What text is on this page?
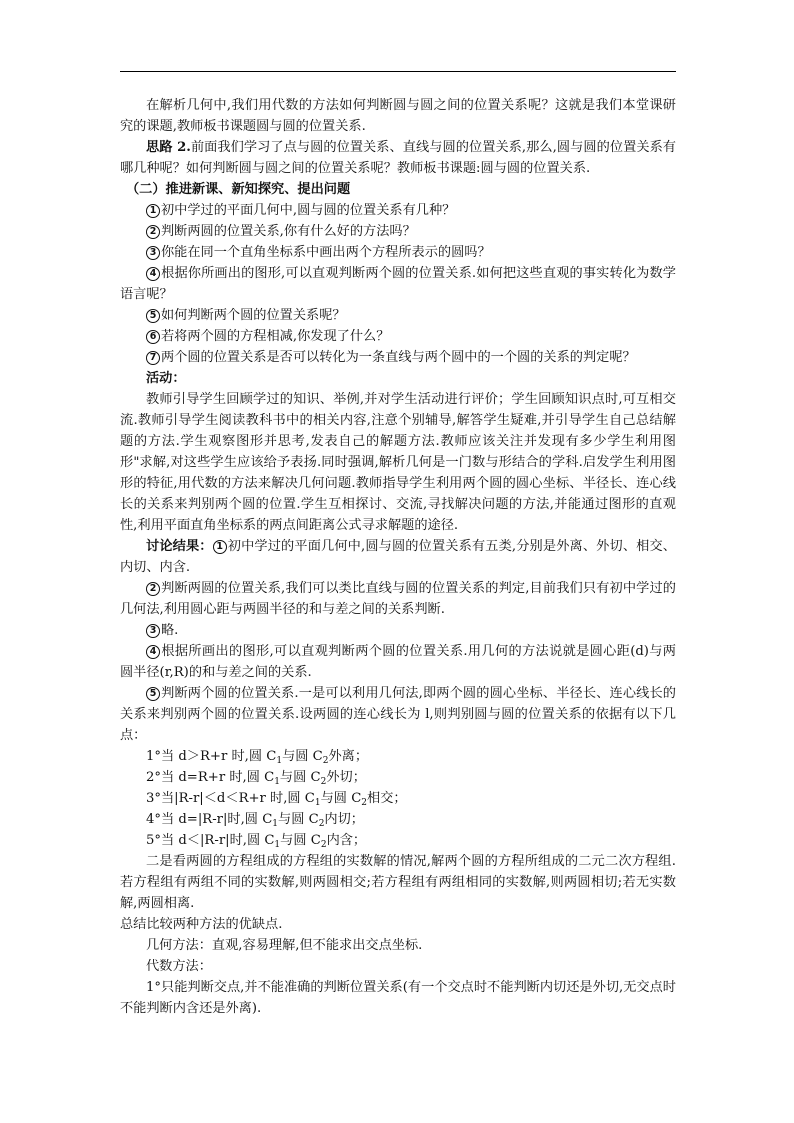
在解析几何中,我们用代数的方法如何判断圆与圆之间的位置关系呢？这就是我们本堂课研究的课题,教师板书课题圆与圆的位置关系.

思路 2.前面我们学习了点与圆的位置关系、直线与圆的位置关系,那么,圆与圆的位置关系有哪几种呢？如何判断圆与圆之间的位置关系呢？教师板书课题:圆与圆的位置关系.

（二）推进新课、新知探究、提出问题

1 初中学过的平面几何中,圆与圆的位置关系有几种？

2 判断两圆的位置关系,你有什么好的方法吗？

3 你能在同一个直角坐标系中画出两个方程所表示的圆吗？

4 根据你所画出的图形,可以直观判断两个圆的位置关系.如何把这些直观的事实转化为数学语言呢？

5 如何判断两个圆的位置关系呢？

6 若将两个圆的方程相减,你发现了什么？

7 两个圆的位置关系是否可以转化为一条直线与两个圆中的一个圆的关系的判定呢？

活动：

教师引导学生回顾学过的知识、举例,并对学生活动进行评价；学生回顾知识点时,可互相交流.教师引导学生阅读教科书中的相关内容,注意个别辅导,解答学生疑难,并引导学生自己总结解题的方法.学生观察图形并思考,发表自己的解题方法.教师应该关注并发现有多少学生利用图形"求解,对这些学生应该给予表扬.同时强调,解析几何是一门数与形结合的学科.启发学生利用图形的特征,用代数的方法来解决几何问题.教师指导学生利用两个圆的圆心坐标、半径长、连心线长的关系来判别两个圆的位置.学生互相探讨、交流,寻找解决问题的方法,并能通过图形的直观性,利用平面直角坐标系的两点间距离公式寻求解题的途径.

讨论结果： 1 初中学过的平面几何中,圆与圆的位置关系有五类,分别是外离、外切、相交、内切、内含.

2 判断两圆的位置关系,我们可以类比直线与圆的位置关系的判定,目前我们只有初中学过的几何法,利用圆心距与两圆半径的和与差之间的关系判断.

3 略.

4 根据所画出的图形,可以直观判断两个圆的位置关系.用几何的方法说就是圆心距(d)与两圆半径(r,R)的和与差之间的关系.

5 判断两个圆的位置关系.一是可以利用几何法,即两个圆的圆心坐标、半径长、连心线长的关系来判别两个圆的位置关系.设两圆的连心线长为 l,则判别圆与圆的位置关系的依据有以下几点：

1°当 d＞R+r 时,圆 $C_1$与圆 $C_2$外离；

2°当 d=R+r 时,圆 $C_1$与圆 $C_2$外切；

3°当|R-r|＜d＜R+r 时,圆 $C_1$与圆 $C_2$相交；

4°当 d=|R-r|时,圆 $C_1$与圆 $C_2$内切；

5°当 d＜|R-r|时,圆 $C_1$与圆 $C_2$内含；

二是看两圆的方程组成的方程组的实数解的情况,解两个圆的方程所组成的二元二次方程组.若方程组有两组不同的实数解,则两圆相交;若方程组有两组相同的实数解,则两圆相切;若无实数解,两圆相离.

总结比较两种方法的优缺点.

几何方法：直观,容易理解,但不能求出交点坐标.

代数方法：

1°只能判断交点,并不能准确的判断位置关系(有一个交点时不能判断内切还是外切,无交点时不能判断内含还是外离).
